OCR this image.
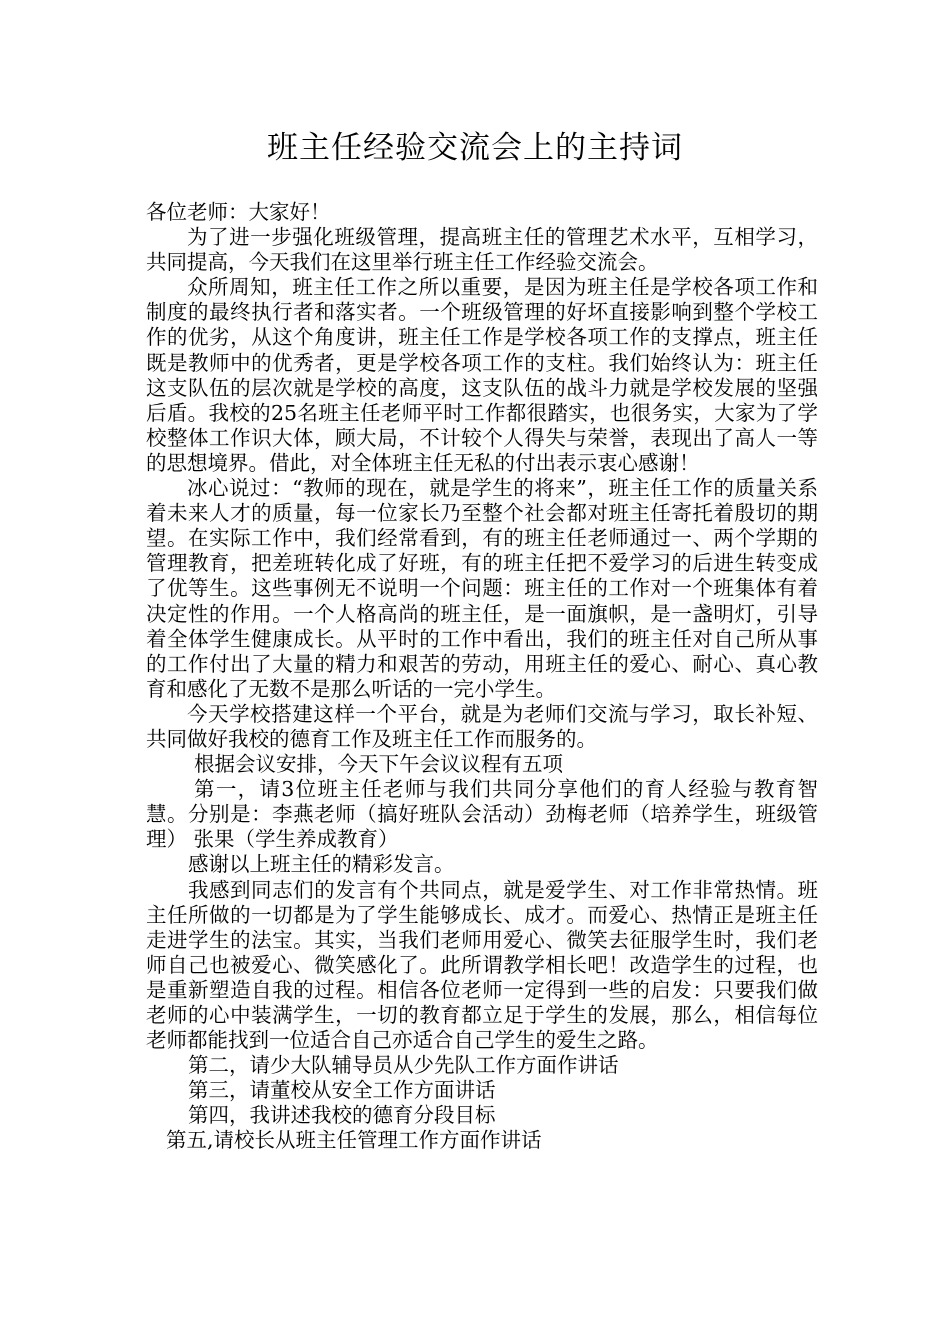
班主任经验交流会上的主持词

各位老师：大家好！

为了进一步强化班级管理，提高班主任的管理艺术水平，互相学习，共同提高，今天我们在这里举行班主任工作经验交流会。

众所周知，班主任工作之所以重要，是因为班主任是学校各项工作和制度的最终执行者和落实者。一个班级管理的好坏直接影响到整个学校工作的优劣，从这个角度讲，班主任工作是学校各项工作的支撑点，班主任既是教师中的优秀者，更是学校各项工作的支柱。我们始终认为：班主任这支队伍的层次就是学校的高度，这支队伍的战斗力就是学校发展的坚强后盾。我校的25名班主任老师平时工作都很踏实，也很务实，大家为了学校整体工作识大体，顾大局，不计较个人得失与荣誉，表现出了高人一等的思想境界。借此，对全体班主任无私的付出表示衷心感谢！

冰心说过：“教师的现在，就是学生的将来”，班主任工作的质量关系着未来人才的质量，每一位家长乃至整个社会都对班主任寄托着殷切的期望。在实际工作中，我们经常看到，有的班主任老师通过一、两个学期的管理教育，把差班转化成了好班，有的班主任把不爱学习的后进生转变成了优等生。这些事例无不说明一个问题：班主任的工作对一个班集体有着决定性的作用。一个人格高尚的班主任，是一面旗帜，是一盏明灯，引导着全体学生健康成长。从平时的工作中看出，我们的班主任对自己所从事的工作付出了大量的精力和艰苦的劳动，用班主任的爱心、耐心、真心教育和感化了无数不是那么听话的一完小学生。

今天学校搭建这样一个平台，就是为老师们交流与学习，取长补短、共同做好我校的德育工作及班主任工作而服务的。

根据会议安排，今天下午会议议程有五项

第一，请3位班主任老师与我们共同分享他们的育人经验与教育智慧。分别是：李燕老师（搞好班队会活动）劲梅老师（培养学生，班级管理） 张果（学生养成教育）

感谢以上班主任的精彩发言。

我感到同志们的发言有个共同点，就是爱学生、对工作非常热情。班主任所做的一切都是为了学生能够成长、成才。而爱心、热情正是班主任走进学生的法宝。其实，当我们老师用爱心、微笑去征服学生时，我们老师自己也被爱心、微笑感化了。此所谓教学相长吧！改造学生的过程，也是重新塑造自我的过程。相信各位老师一定得到一些的启发：只要我们做老师的心中装满学生，一切的教育都立足于学生的发展，那么，相信每位老师都能找到一位适合自己亦适合自己学生的爱生之路。

第二，请少大队辅导员从少先队工作方面作讲话

第三，请董校从安全工作方面讲话

第四，我讲述我校的德育分段目标

第五,请校长从班主任管理工作方面作讲话
